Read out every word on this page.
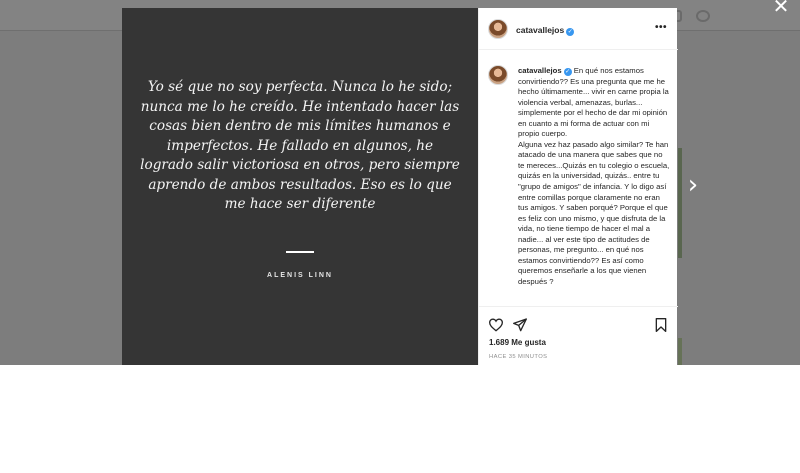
✕
›
Yo sé que no soy perfecta. Nunca lo he sido; nunca me lo he creído. He intentado hacer las cosas bien dentro de mis límites humanos e imperfectos. He fallado en algunos, he logrado salir victoriosa en otros, pero siempre aprendo de ambos resultados. Eso es lo que me hace ser diferente
ALENIS LINN
catavallejos ✓	•••
catavallejos ✓ En qué nos estamos convirtiendo?? Es una pregunta que me he hecho últimamente... vivir en carne propia la violencia verbal, amenazas, burlas... simplemente por el hecho de dar mi opinión en cuanto a mi forma de actuar con mi propio cuerpo.
Alguna vez haz pasado algo similar? Te han atacado de una manera que sabes que no te mereces...Quizás en tu colegio o escuela, quizás en la universidad, quizás.. entre tu "grupo de amigos" de infancia. Y lo digo así entre comillas porque claramente no eran tus amigos. Y saben porqué? Porque el que es feliz con uno mismo, y que disfruta de la vida, no tiene tiempo de hacer el mal a nadie... al ver este tipo de actitudes de personas, me pregunto... en qué nos estamos convirtiendo?? Es así como queremos enseñarle a los que vienen después ?
1.689 Me gusta
HACE 35 MINUTOS
